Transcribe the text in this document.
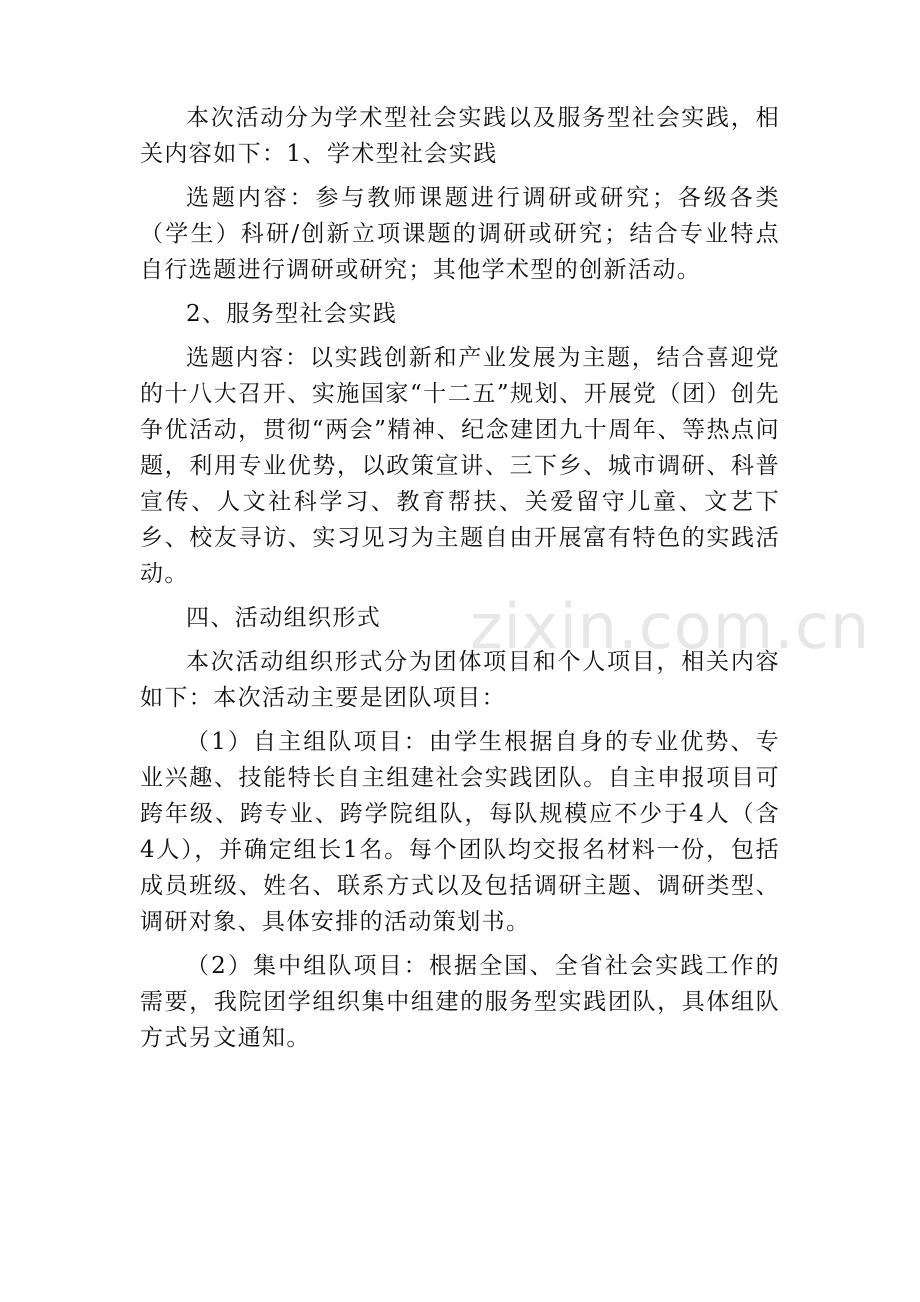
本次活动分为学术型社会实践以及服务型社会实践，相关内容如下：1、学术型社会实践

选题内容：参与教师课题进行调研或研究；各级各类（学生）科研/创新立项课题的调研或研究；结合专业特点自行选题进行调研或研究；其他学术型的创新活动。

2、服务型社会实践

选题内容：以实践创新和产业发展为主题，结合喜迎党的十八大召开、实施国家“十二五”规划、开展党（团）创先争优活动，贯彻“两会”精神、纪念建团九十周年、等热点问题，利用专业优势，以政策宣讲、三下乡、城市调研、科普宣传、人文社科学习、教育帮扶、关爱留守儿童、文艺下乡、校友寻访、实习见习为主题自由开展富有特色的实践活动。

四、活动组织形式

本次活动组织形式分为团体项目和个人项目，相关内容如下：本次活动主要是团队项目：

（1）自主组队项目：由学生根据自身的专业优势、专业兴趣、技能特长自主组建社会实践团队。自主申报项目可跨年级、跨专业、跨学院组队，每队规模应不少于4人（含4人），并确定组长1名。每个团队均交报名材料一份，包括成员班级、姓名、联系方式以及包括调研主题、调研类型、调研对象、具体安排的活动策划书。

（2）集中组队项目：根据全国、全省社会实践工作的需要，我院团学组织集中组建的服务型实践团队，具体组队方式另文通知。

zixin.com.cn
